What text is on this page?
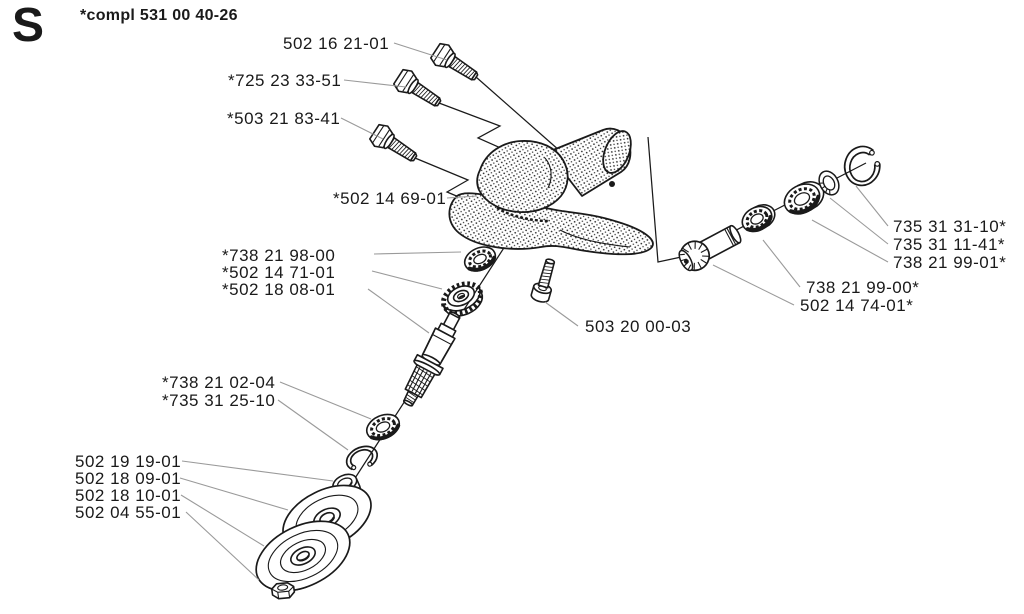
S *compl 531 00 40-26
502 16 21-01
*725 23 33-51
*503 21 83-41
*502 14 69-01
*738 21 98-00
*502 14 71-01
*502 18 08-01
503 20 00-03
735 31 31-10*
735 31 11-41*
738 21 99-01*
738 21 99-00*
502 14 74-01*
*738 21 02-04
*735 31 25-10
502 19 19-01
502 18 09-01
502 18 10-01
502 04 55-01
